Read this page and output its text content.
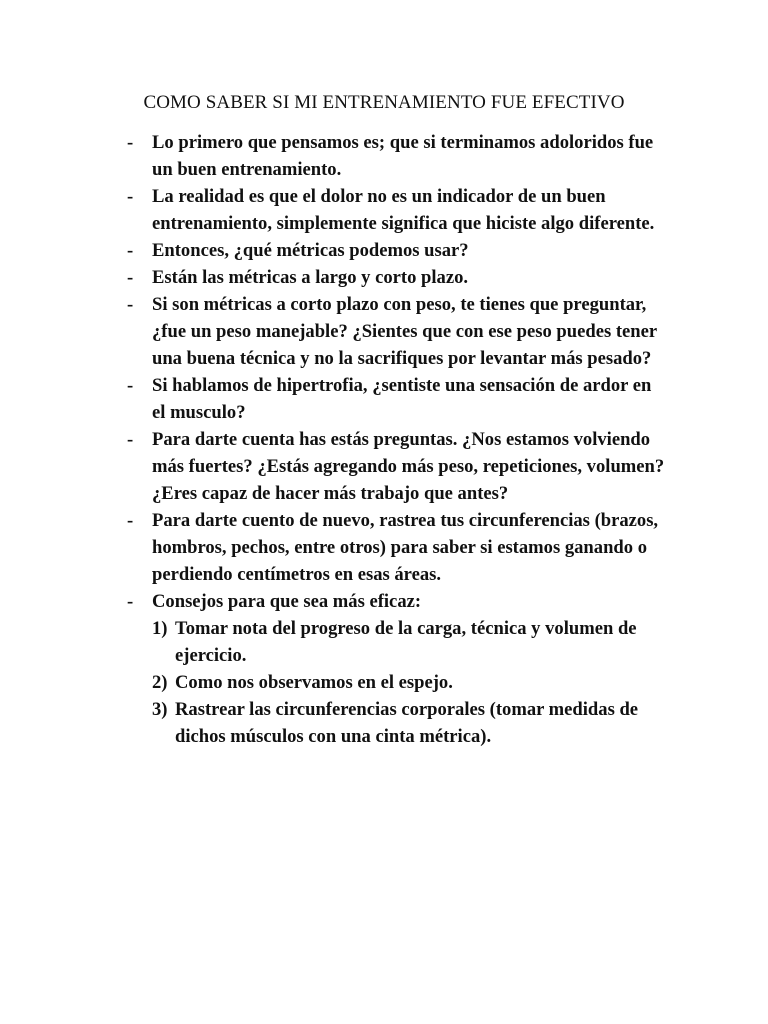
COMO SABER SI MI ENTRENAMIENTO FUE EFECTIVO
- Lo primero que pensamos es; que si terminamos adoloridos fue un buen entrenamiento.
- La realidad es que el dolor no es un indicador de un buen entrenamiento, simplemente significa que hiciste algo diferente.
- Entonces, ¿qué métricas podemos usar?
- Están las métricas a largo y corto plazo.
- Si son métricas a corto plazo con peso, te tienes que preguntar, ¿fue un peso manejable? ¿Sientes que con ese peso puedes tener una buena técnica y no la sacrifiques por levantar más pesado?
- Si hablamos de hipertrofia, ¿sentiste una sensación de ardor en el musculo?
- Para darte cuenta has estás preguntas. ¿Nos estamos volviendo más fuertes? ¿Estás agregando más peso, repeticiones, volumen? ¿Eres capaz de hacer más trabajo que antes?
- Para darte cuento de nuevo, rastrea tus circunferencias (brazos, hombros, pechos, entre otros) para saber si estamos ganando o perdiendo centímetros en esas áreas.
- Consejos para que sea más eficaz:
1) Tomar nota del progreso de la carga, técnica y volumen de ejercicio.
2) Como nos observamos en el espejo.
3) Rastrear las circunferencias corporales (tomar medidas de dichos músculos con una cinta métrica).
